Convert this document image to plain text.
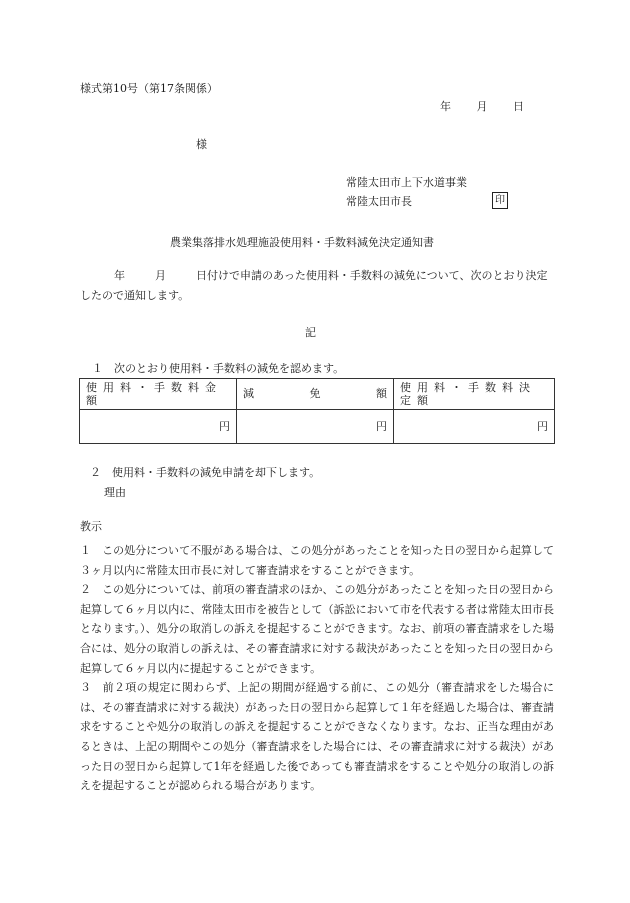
様式第10号（第17条関係）
年 月 日
様
常陸太田市上下水道事業
常陸太田市長	印
農業集落排水処理施設使用料・手数料減免決定通知書
年	月	日付けで申請のあった使用料・手数料の減免について、次のとおり決定したので通知します。
記
１　次のとおり使用料・手数料の減免を認めます。
使用料・手数料金額	減 免 額	使用料・手数料決定額
円	円	円
２　使用料・手数料の減免申請を却下します。
理由
教示

１　この処分について不服がある場合は、この処分があったことを知った日の翌日から起算して３ヶ月以内に常陸太田市長に対して審査請求をすることができます。

２　この処分については、前項の審査請求のほか、この処分があったことを知った日の翌日から起算して６ヶ月以内に、常陸太田市を被告として（訴訟において市を代表する者は常陸太田市長となります。）、処分の取消しの訴えを提起することができます。なお、前項の審査請求をした場合には、処分の取消しの訴えは、その審査請求に対する裁決があったことを知った日の翌日から起算して６ヶ月以内に提起することができます。

３　前２項の規定に関わらず、上記の期間が経過する前に、この処分（審査請求をした場合には、その審査請求に対する裁決）があった日の翌日から起算して１年を経過した場合は、審査請求をすることや処分の取消しの訴えを提起することができなくなります。なお、正当な理由があるときは、上記の期間やこの処分（審査請求をした場合には、その審査請求に対する裁決）があった日の翌日から起算して1年を経過した後であっても審査請求をすることや処分の取消しの訴えを提起することが認められる場合があります。
